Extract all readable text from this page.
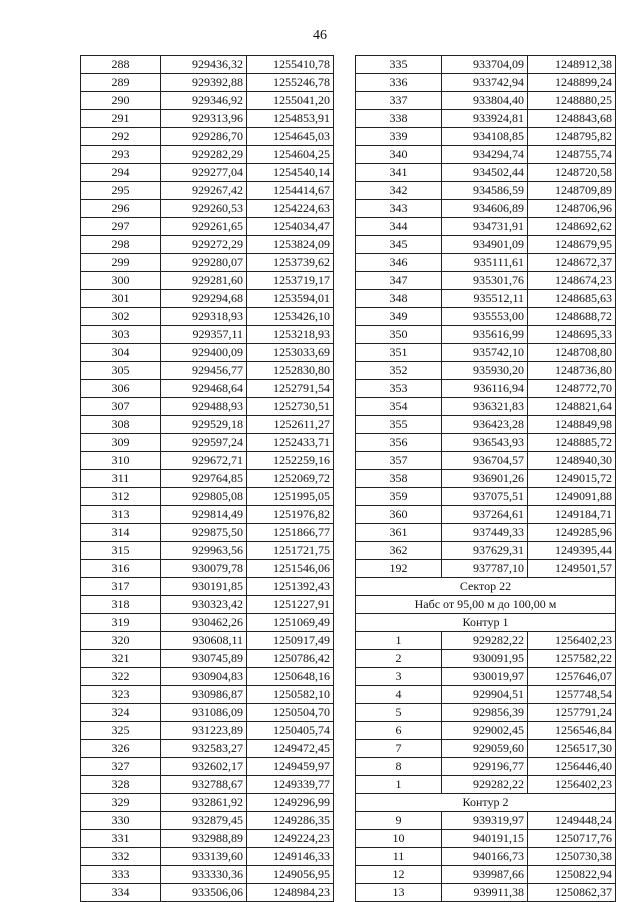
46
288	929436,32	1255410,78
289	929392,88	1255246,78
290	929346,92	1255041,20
291	929313,96	1254853,91
292	929286,70	1254645,03
293	929282,29	1254604,25
294	929277,04	1254540,14
295	929267,42	1254414,67
296	929260,53	1254224,63
297	929261,65	1254034,47
298	929272,29	1253824,09
299	929280,07	1253739,62
300	929281,60	1253719,17
301	929294,68	1253594,01
302	929318,93	1253426,10
303	929357,11	1253218,93
304	929400,09	1253033,69
305	929456,77	1252830,80
306	929468,64	1252791,54
307	929488,93	1252730,51
308	929529,18	1252611,27
309	929597,24	1252433,71
310	929672,71	1252259,16
311	929764,85	1252069,72
312	929805,08	1251995,05
313	929814,49	1251976,82
314	929875,50	1251866,77
315	929963,56	1251721,75
316	930079,78	1251546,06
317	930191,85	1251392,43
318	930323,42	1251227,91
319	930462,26	1251069,49
320	930608,11	1250917,49
321	930745,89	1250786,42
322	930904,83	1250648,16
323	930986,87	1250582,10
324	931086,09	1250504,70
325	931223,89	1250405,74
326	932583,27	1249472,45
327	932602,17	1249459,97
328	932788,67	1249339,77
329	932861,92	1249296,99
330	932879,45	1249286,35
331	932988,89	1249224,23
332	933139,60	1249146,33
333	933330,36	1249056,95
334	933506,06	1248984,23
335	933704,09	1248912,38
336	933742,94	1248899,24
337	933804,40	1248880,25
338	933924,81	1248843,68
339	934108,85	1248795,82
340	934294,74	1248755,74
341	934502,44	1248720,58
342	934586,59	1248709,89
343	934606,89	1248706,96
344	934731,91	1248692,62
345	934901,09	1248679,95
346	935111,61	1248672,37
347	935301,76	1248674,23
348	935512,11	1248685,63
349	935553,00	1248688,72
350	935616,99	1248695,33
351	935742,10	1248708,80
352	935930,20	1248736,80
353	936116,94	1248772,70
354	936321,83	1248821,64
355	936423,28	1248849,98
356	936543,93	1248885,72
357	936704,57	1248940,30
358	936901,26	1249015,72
359	937075,51	1249091,88
360	937264,61	1249184,71
361	937449,33	1249285,96
362	937629,31	1249395,44
192	937787,10	1249501,57
Сектор 22		
Набс от 95,00 м до 100,00 м		
Контур 1		
1	929282,22	1256402,23
2	930091,95	1257582,22
3	930019,97	1257646,07
4	929904,51	1257748,54
5	929856,39	1257791,24
6	929002,45	1256546,84
7	929059,60	1256517,30
8	929196,77	1256446,40
1	929282,22	1256402,23
Контур 2		
9	939319,97	1249448,24
10	940191,15	1250717,76
11	940166,73	1250730,38
12	939987,66	1250822,94
13	939911,38	1250862,37
